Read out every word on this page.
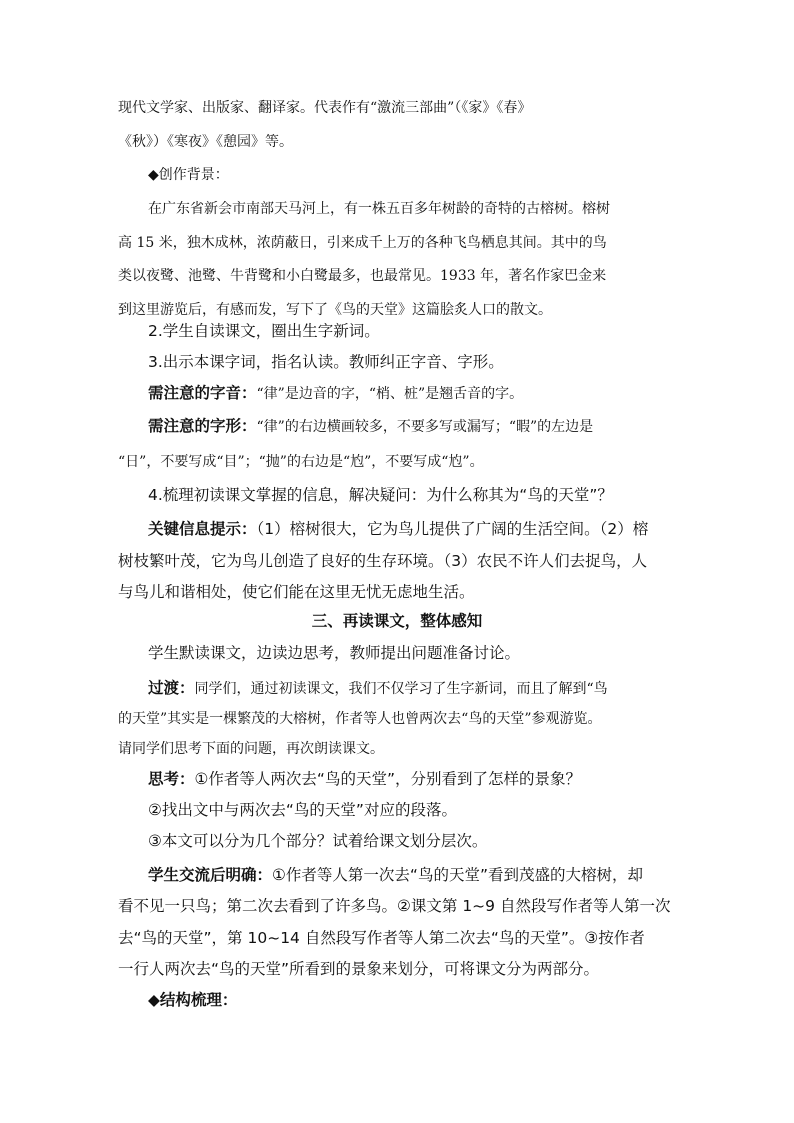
现代文学家、出版家、翻译家。代表作有“激流三部曲”（《家》《春》
《秋》）《寒夜》《憩园》等。
◆创作背景：
在广东省新会市南部天马河上，有一株五百多年树龄的奇特的古榕树。榕树
高 15 米，独木成林，浓荫蔽日，引来成千上万的各种飞鸟栖息其间。其中的鸟
类以夜鹭、池鹭、牛背鹭和小白鹭最多，也最常见。1933 年，著名作家巴金来
到这里游览后，有感而发，写下了《鸟的天堂》这篇脍炙人口的散文。
2.学生自读课文，圈出生字新词。
3.出示本课字词，指名认读。教师纠正字音、字形。
需注意的字音：“律”是边音的字，“梢、桩”是翘舌音的字。
需注意的字形：“律”的右边横画较多，不要多写或漏写；“暇”的左边是
“日”，不要写成“目”；“抛”的右边是“尥”，不要写成“尥”。
4.梳理初读课文掌握的信息，解决疑问：为什么称其为“鸟的天堂”？
关键信息提示：（1）榕树很大，它为鸟儿提供了广阔的生活空间。（2）榕
树枝繁叶茂，它为鸟儿创造了良好的生存环境。（3）农民不许人们去捉鸟，人
与鸟儿和谐相处，使它们能在这里无忧无虑地生活。
三、再读课文，整体感知
学生默读课文，边读边思考，教师提出问题准备讨论。
过渡：同学们，通过初读课文，我们不仅学习了生字新词，而且了解到“鸟
的天堂”其实是一棵繁茂的大榕树，作者等人也曾两次去“鸟的天堂”参观游览。
请同学们思考下面的问题，再次朗读课文。
思考：①作者等人两次去“鸟的天堂”，分别看到了怎样的景象？
②找出文中与两次去“鸟的天堂”对应的段落。
③本文可以分为几个部分？试着给课文划分层次。
学生交流后明确：①作者等人第一次去“鸟的天堂”看到茂盛的大榕树，却
看不见一只鸟；第二次去看到了许多鸟。②课文第 1~9 自然段写作者等人第一次
去“鸟的天堂”，第 10~14 自然段写作者等人第二次去“鸟的天堂”。③按作者
一行人两次去“鸟的天堂”所看到的景象来划分，可将课文分为两部分。
◆结构梳理：
